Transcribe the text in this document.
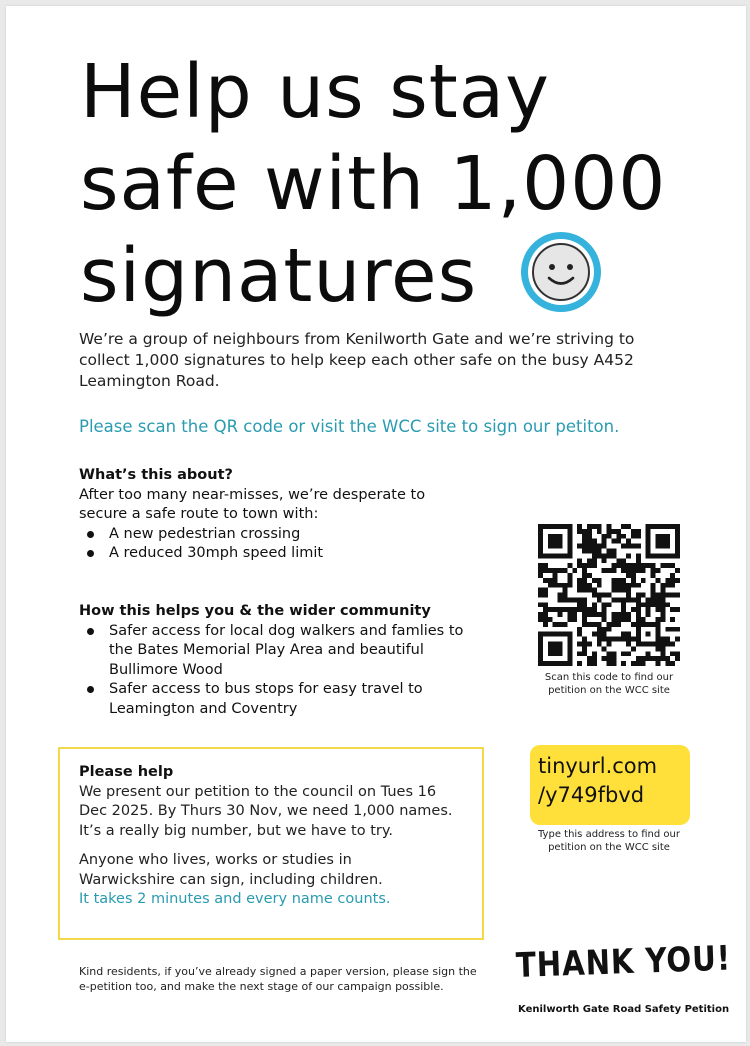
Help us stay
safe with 1,000
signatures
We’re a group of neighbours from Kenilworth Gate and we’re striving to
collect 1,000 signatures to help keep each other safe on the busy A452
Leamington Road.
Please scan the QR code or visit the WCC site to sign our petiton.
What’s this about?
After too many near-misses, we’re desperate to
secure a safe route to town with:
A new pedestrian crossing
A reduced 30mph speed limit
How this helps you & the wider community
Safer access for local dog walkers and famlies to
the Bates Memorial Play Area and beautiful
Bullimore Wood
Safer access to bus stops for easy travel to
Leamington and Coventry
Scan this code to find our
petition on the WCC site
Please help

We present our petition to the council on Tues 16
Dec 2025. By Thurs 30 Nov, we need 1,000 names.
It’s a really big number, but we have to try.

Anyone who lives, works or studies in
Warwickshire can sign, including children.
It takes 2 minutes and every name counts.

tinyurl.com
/y749fbvd
Type this address to find our
petition on the WCC site
Kind residents, if you’ve already signed a paper version, please sign the
e-petition too, and make the next stage of our campaign possible.
THANK YOU!
Kenilworth Gate Road Safety Petition
